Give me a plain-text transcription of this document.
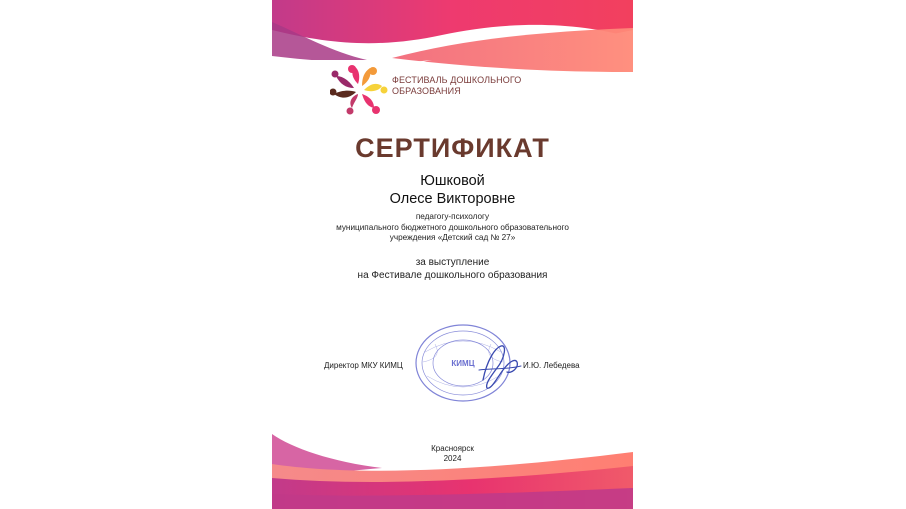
ФЕСТИВАЛЬ ДОШКОЛЬНОГО
ОБРАЗОВАНИЯ
СЕРТИФИКАТ
Юшковой
Олесе Викторовне
педагогу-психологу
муниципального бюджетного дошкольного образовательного
учреждения «Детский сад № 27»
за выступление
на Фестивале дошкольного образования
КИМЦ
Директор МКУ КИМЦ	И.Ю. Лебедева
Красноярск
2024
